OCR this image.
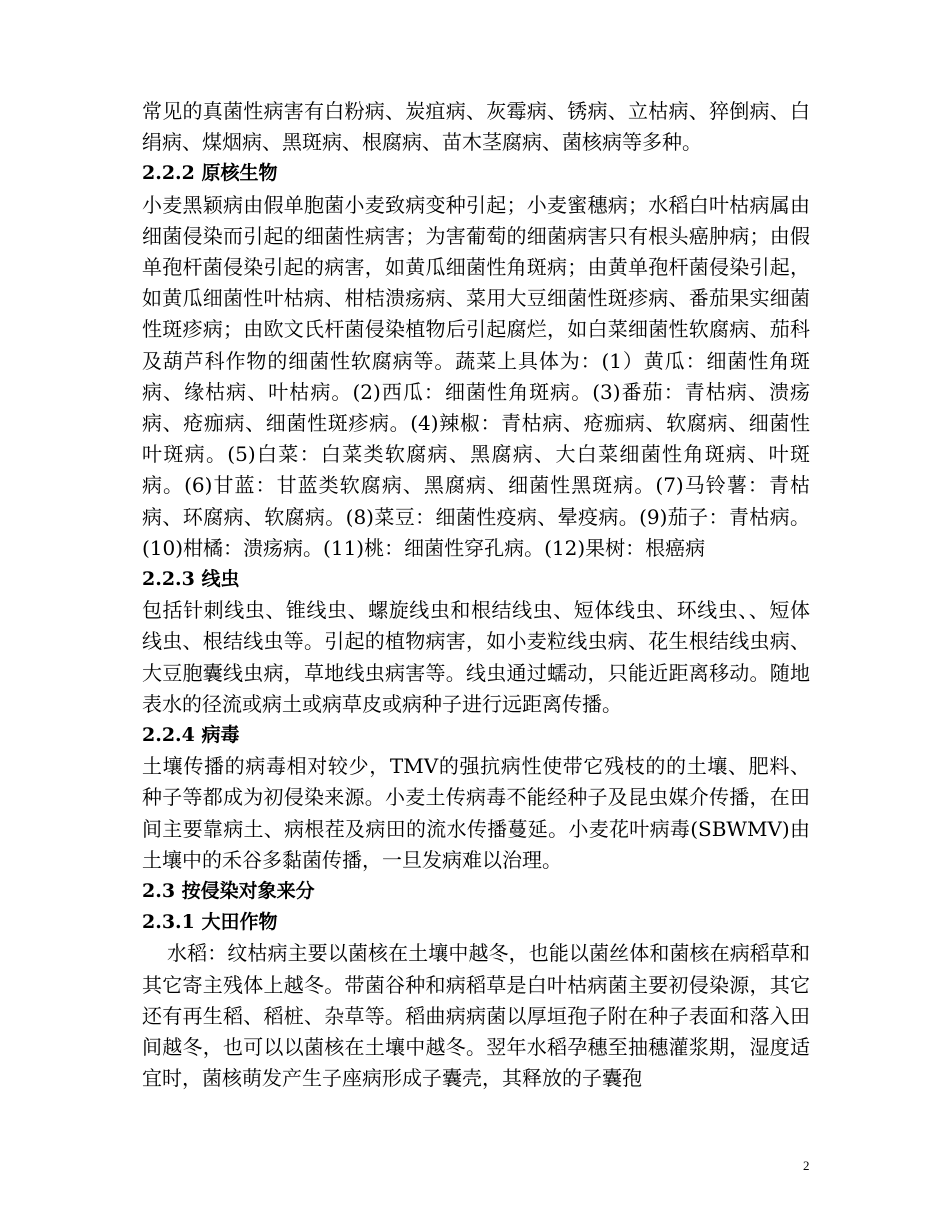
常见的真菌性病害有白粉病、炭疽病、灰霉病、锈病、立枯病、猝倒病、白绢病、煤烟病、黑斑病、根腐病、苗木茎腐病、菌核病等多种。

2.2.2 原核生物

小麦黑颖病由假单胞菌小麦致病变种引起；小麦蜜穗病；水稻白叶枯病属由细菌侵染而引起的细菌性病害；为害葡萄的细菌病害只有根头癌肿病；由假单孢杆菌侵染引起的病害，如黄瓜细菌性角斑病；由黄单孢杆菌侵染引起，如黄瓜细菌性叶枯病、柑桔溃疡病、菜用大豆细菌性斑疹病、番茄果实细菌性斑疹病；由欧文氏杆菌侵染植物后引起腐烂，如白菜细菌性软腐病、茄科及葫芦科作物的细菌性软腐病等。蔬菜上具体为：(1）黄瓜：细菌性角斑病、缘枯病、叶枯病。(2)西瓜：细菌性角斑病。(3)番茄：青枯病、溃疡病、疮痂病、细菌性斑疹病。(4)辣椒：青枯病、疮痂病、软腐病、细菌性叶斑病。(5)白菜：白菜类软腐病、黑腐病、大白菜细菌性角斑病、叶斑病。(6)甘蓝：甘蓝类软腐病、黑腐病、细菌性黑斑病。(7)马铃薯：青枯病、环腐病、软腐病。(8)菜豆：细菌性疫病、晕疫病。(9)茄子：青枯病。(10)柑橘：溃疡病。(11)桃：细菌性穿孔病。(12)果树：根癌病

2.2.3 线虫

包括针刺线虫、锥线虫、螺旋线虫和根结线虫、短体线虫、环线虫、、短体线虫、根结线虫等。引起的植物病害，如小麦粒线虫病、花生根结线虫病、大豆胞囊线虫病，草地线虫病害等。线虫通过蠕动，只能近距离移动。随地表水的径流或病土或病草皮或病种子进行远距离传播。

2.2.4 病毒

土壤传播的病毒相对较少，TMV的强抗病性使带它残枝的的土壤、肥料、种子等都成为初侵染来源。小麦土传病毒不能经种子及昆虫媒介传播，在田间主要靠病土、病根茬及病田的流水传播蔓延。小麦花叶病毒(SBWMV)由土壤中的禾谷多黏菌传播，一旦发病难以治理。

2.3 按侵染对象来分
2.3.1 大田作物

水稻：纹枯病主要以菌核在土壤中越冬，也能以菌丝体和菌核在病稻草和其它寄主残体上越冬。带菌谷种和病稻草是白叶枯病菌主要初侵染源，其它还有再生稻、稻桩、杂草等。稻曲病病菌以厚垣孢子附在种子表面和落入田间越冬，也可以以菌核在土壤中越冬。翌年水稻孕穗至抽穗灌浆期，湿度适宜时，菌核萌发产生子座病形成子囊壳，其释放的子囊孢

2
